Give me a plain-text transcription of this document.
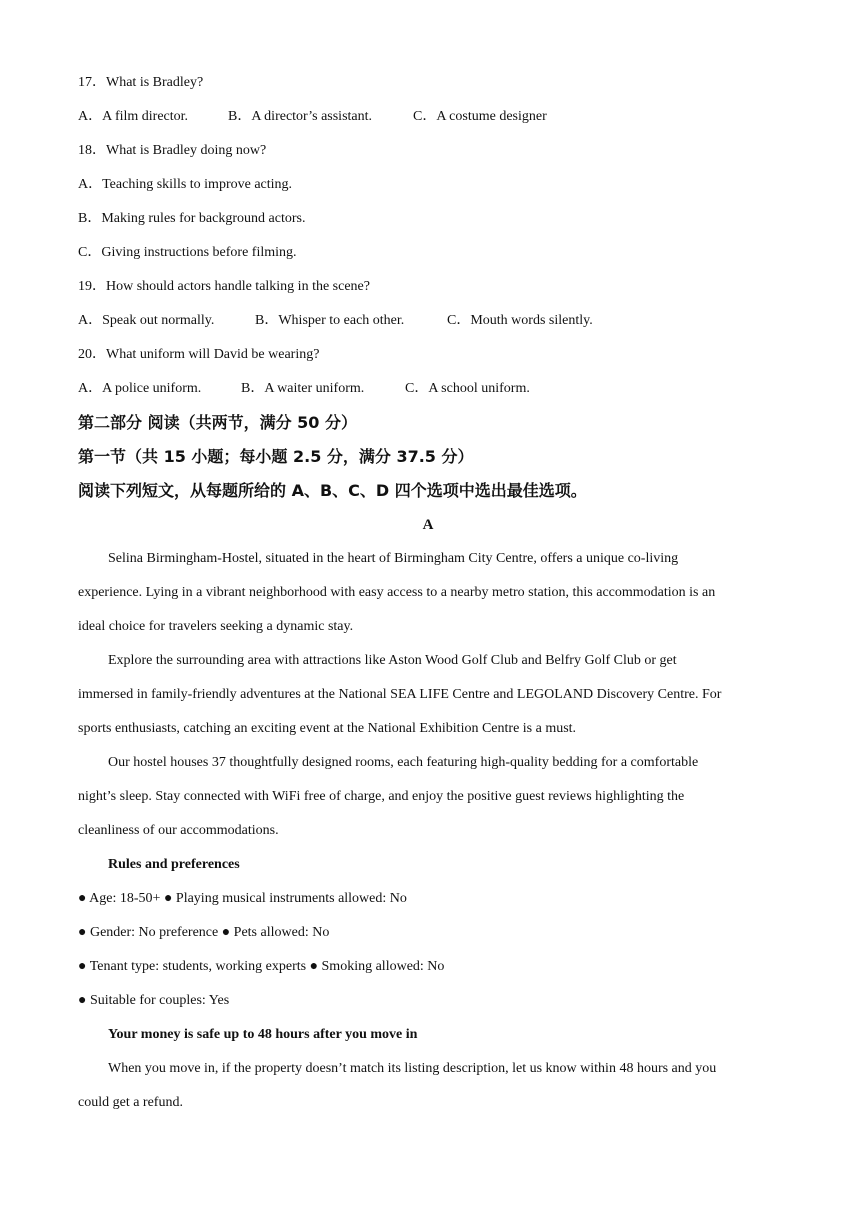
17．What is Bradley?
A．A film director.	B．A director’s assistant.	C．A costume designer
18．What is Bradley doing now?
A．Teaching skills to improve acting.
B．Making rules for background actors.
C．Giving instructions before filming.
19．How should actors handle talking in the scene?
A．Speak out normally.	B．Whisper to each other.	C．Mouth words silently.
20．What uniform will David be wearing?
A．A police uniform.	B．A waiter uniform.	C．A school uniform.
第二部分 阅读（共两节，满分 50 分）
第一节（共 15 小题；每小题 2.5 分，满分 37.5 分）
阅读下列短文，从每题所给的 A、B、C、D 四个选项中选出最佳选项。
A
Selina Birmingham-Hostel, situated in the heart of Birmingham City Centre, offers a unique co-living
experience. Lying in a vibrant neighborhood with easy access to a nearby metro station, this accommodation is an
ideal choice for travelers seeking a dynamic stay.
Explore the surrounding area with attractions like Aston Wood Golf Club and Belfry Golf Club or get
immersed in family-friendly adventures at the National SEA LIFE Centre and LEGOLAND Discovery Centre. For
sports enthusiasts, catching an exciting event at the National Exhibition Centre is a must.
Our hostel houses 37 thoughtfully designed rooms, each featuring high-quality bedding for a comfortable
night’s sleep. Stay connected with WiFi free of charge, and enjoy the positive guest reviews highlighting the
cleanliness of our accommodations.
Rules and preferences
● Age: 18-50+ ● Playing musical instruments allowed: No
● Gender: No preference ● Pets allowed: No
● Tenant type: students, working experts ● Smoking allowed: No
● Suitable for couples: Yes
Your money is safe up to 48 hours after you move in
When you move in, if the property doesn’t match its listing description, let us know within 48 hours and you
could get a refund.
